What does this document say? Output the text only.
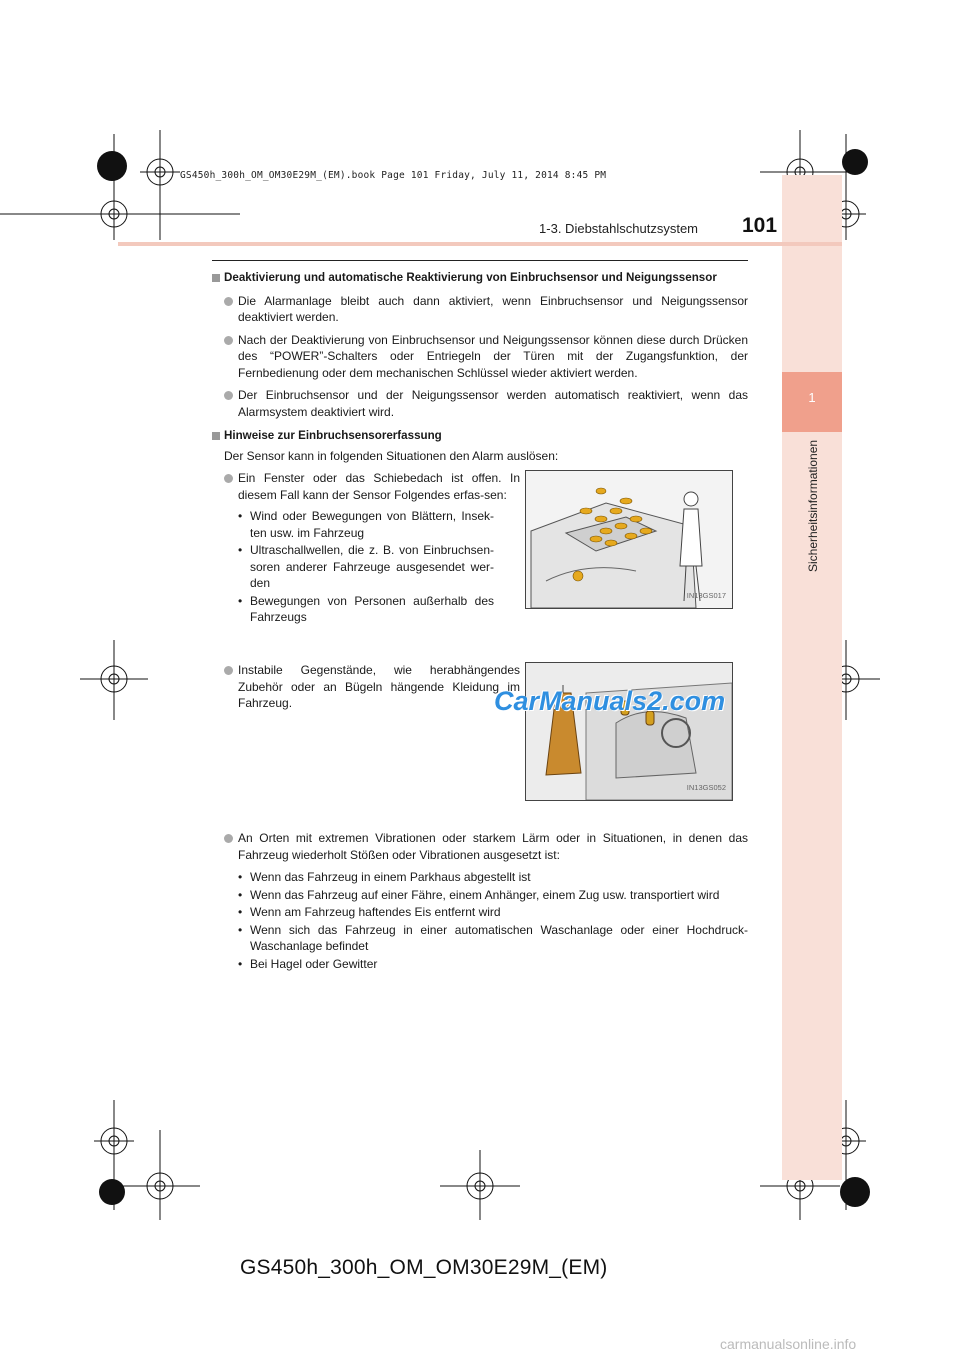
GS450h_300h_OM_OM30E29M_(EM).book Page 101 Friday, July 11, 2014 8:45 PM
1
Sicherheitsinformationen
1-3. Diebstahlschutzsystem 101
Deaktivierung und automatische Reaktivierung von Einbruchsensor und Neigungssensor
Die Alarmanlage bleibt auch dann aktiviert, wenn Einbruchsensor und Neigungssensor deaktiviert werden.
Nach der Deaktivierung von Einbruchsensor und Neigungssensor können diese durch Drücken des “POWER”-Schalters oder Entriegeln der Türen mit der Zugangsfunktion, der Fernbedienung oder dem mechanischen Schlüssel wieder aktiviert werden.
Der Einbruchsensor und der Neigungssensor werden automatisch reaktiviert, wenn das Alarmsystem deaktiviert wird.
Hinweise zur Einbruchsensorerfassung
Der Sensor kann in folgenden Situationen den Alarm auslösen:
Ein Fenster oder das Schiebedach ist offen. In diesem Fall kann der Sensor Folgendes erfas-sen:
• Wind oder Bewegungen von Blättern, Insek-ten usw. im Fahrzeug
• Ultraschallwellen, die z. B. von Einbruchsen-soren anderer Fahrzeuge ausgesendet wer-den
• Bewegungen von Personen außerhalb des Fahrzeugs
IN13GS017
Instabile Gegenstände, wie herabhängendes Zubehör oder an Bügeln hängende Kleidung im Fahrzeug.
IN13GS052
An Orten mit extremen Vibrationen oder starkem Lärm oder in Situationen, in denen das Fahrzeug wiederholt Stößen oder Vibrationen ausgesetzt ist:
• Wenn das Fahrzeug in einem Parkhaus abgestellt ist
• Wenn das Fahrzeug auf einer Fähre, einem Anhänger, einem Zug usw. transportiert wird
• Wenn am Fahrzeug haftendes Eis entfernt wird
• Wenn sich das Fahrzeug in einer automatischen Waschanlage oder einer Hochdruck-Waschanlage befindet
• Bei Hagel oder Gewitter
CarManuals2.com
GS450h_300h_OM_OM30E29M_(EM)
carmanualsonline.info
